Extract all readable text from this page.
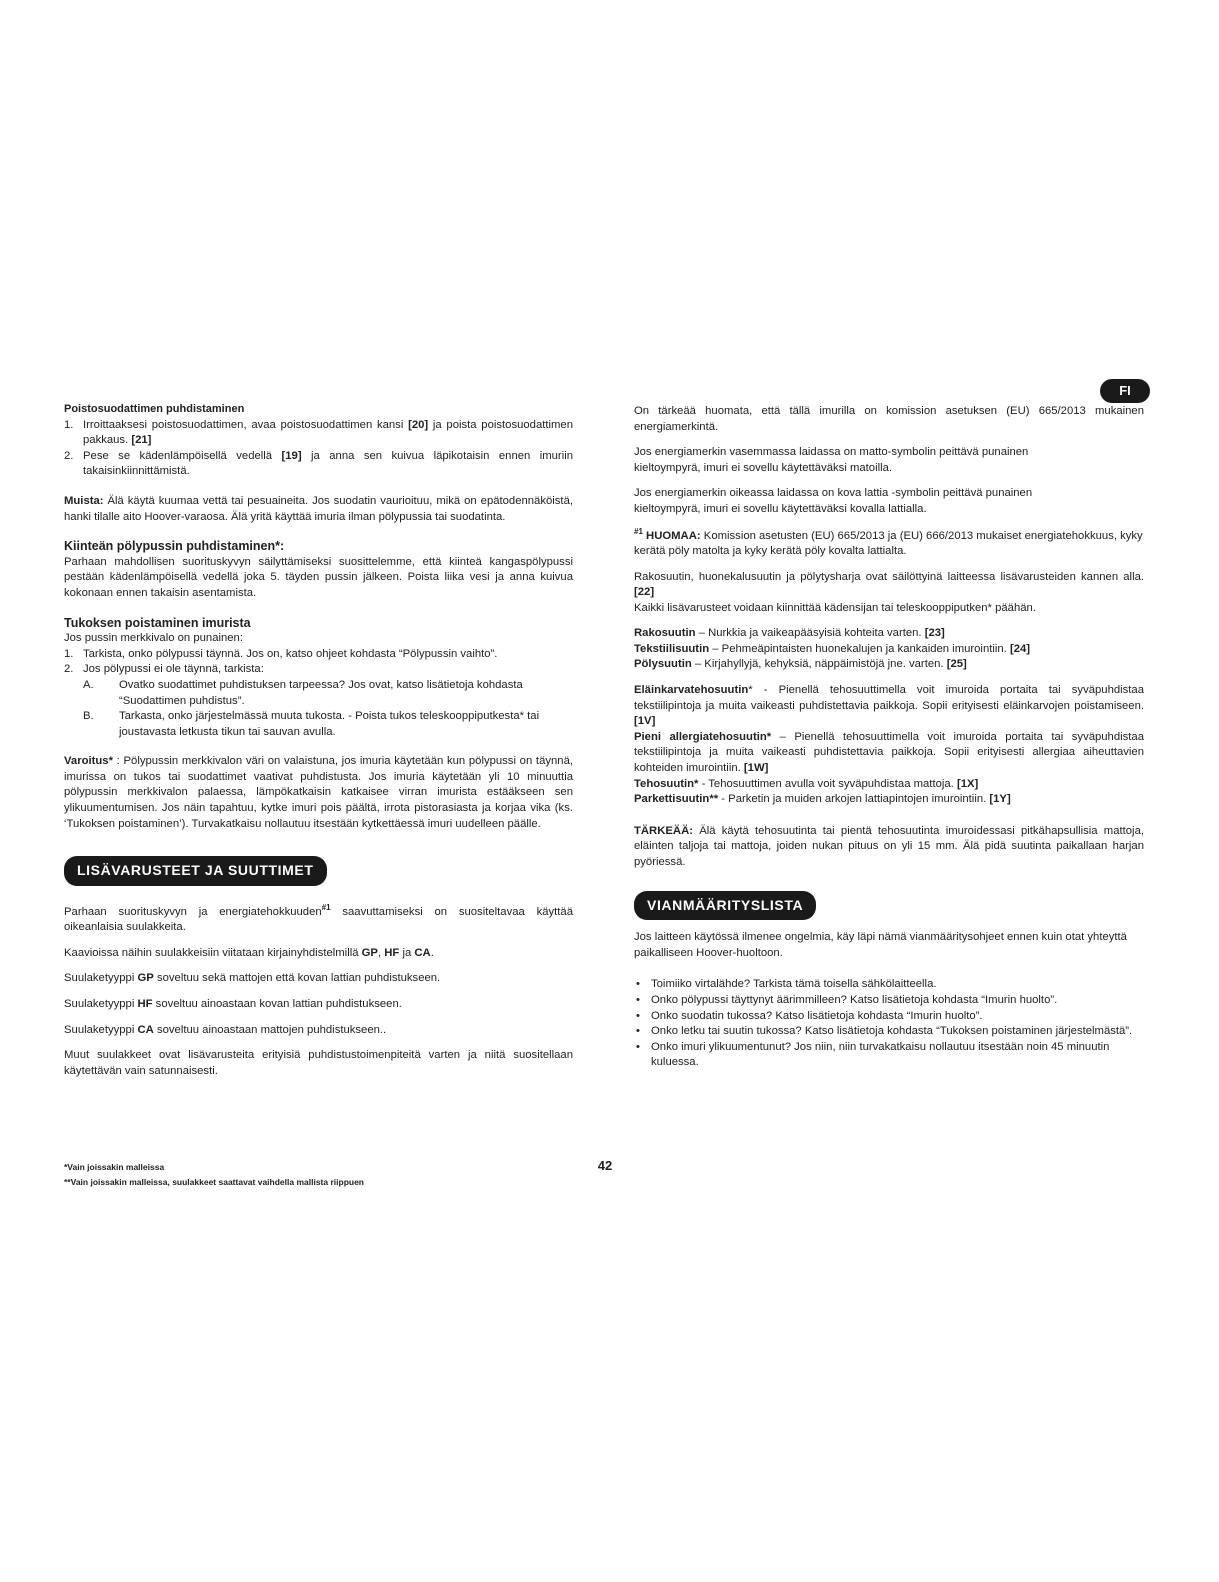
FI

Poistosuodattimen puhdistaminen

1. Irroittaaksesi poistosuodattimen, avaa poistosuodattimen kansi [20] ja poista poistosuodattimen pakkaus. [21]
2. Pese se kädenlämpöisellä vedellä [19] ja anna sen kuivua läpikotaisin ennen imuriin takaisinkiinnittämistä.

Muista: Älä käytä kuumaa vettä tai pesuaineita. Jos suodatin vaurioituu, mikä on epätodennäköistä, hanki tilalle aito Hoover-varaosa. Älä yritä käyttää imuria ilman pölypussia tai suodatinta.

Kiinteän pölypussin puhdistaminen*:

Parhaan mahdollisen suorituskyvyn säilyttämiseksi suosittelemme, että kiinteä kangaspölypussi pestään kädenlämpöisellä vedellä joka 5. täyden pussin jälkeen. Poista liika vesi ja anna kuivua kokonaan ennen takaisin asentamista.

Tukoksen poistaminen imurista

Jos pussin merkkivalo on punainen:

1. Tarkista, onko pölypussi täynnä. Jos on, katso ohjeet kohdasta “Pölypussin vaihto”.
2. Jos pölypussi ei ole täynnä, tarkista:
A. Ovatko suodattimet puhdistuksen tarpeessa? Jos ovat, katso lisätietoja kohdasta “Suodattimen puhdistus”.
B. Tarkasta, onko järjestelmässä muuta tukosta. - Poista tukos teleskooppiputkesta* tai joustavasta letkusta tikun tai sauvan avulla.

Varoitus* : Pölypussin merkkivalon väri on valaistuna, jos imuria käytetään kun pölypussi on täynnä, imurissa on tukos tai suodattimet vaativat puhdistusta. Jos imuria käytetään yli 10 minuuttia pölypussin merkkivalon palaessa, lämpökatkaisin katkaisee virran imurista estääkseen sen ylikuumentumisen. Jos näin tapahtuu, kytke imuri pois päältä, irrota pistorasiasta ja korjaa vika (ks. ‘Tukoksen poistaminen’). Turvakatkaisu nollautuu itsestään kytkettäessä imuri uudelleen päälle.

LISÄVARUSTEET JA SUUTTIMET

Parhaan suorituskyvyn ja energiatehokkuuden$^{\#1}$ saavuttamiseksi on suositeltavaa käyttää oikeanlaisia suulakkeita.

Kaavioissa näihin suulakkeisiin viitataan kirjainyhdistelmillä GP, HF ja CA.

Suulaketyyppi GP soveltuu sekä mattojen että kovan lattian puhdistukseen.

Suulaketyyppi HF soveltuu ainoastaan kovan lattian puhdistukseen.

Suulaketyyppi CA soveltuu ainoastaan mattojen puhdistukseen..

Muut suulakkeet ovat lisävarusteita erityisiä puhdistustoimenpiteitä varten ja niitä suositellaan käytettävän vain satunnaisesti.

On tärkeää huomata, että tällä imurilla on komission asetuksen (EU) 665/2013 mukainen energiamerkintä.

Jos energiamerkin vasemmassa laidassa on matto-symbolin peittävä punainen kieltoympyrä, imuri ei sovellu käytettäväksi matoilla.

Jos energiamerkin oikeassa laidassa on kova lattia -symbolin peittävä punainen kieltoympyrä, imuri ei sovellu käytettäväksi kovalla lattialla.

$^{\#1}$ HUOMAA: Komission asetusten (EU) 665/2013 ja (EU) 666/2013 mukaiset energiatehokkuus, kyky kerätä pöly matolta ja kyky kerätä pöly kovalta lattialta.

Rakosuutin, huonekalusuutin ja pölytysharja ovat säilöttyinä laitteessa lisävarusteiden kannen alla. [22]

Kaikki lisävarusteet voidaan kiinnittää kädensijan tai teleskooppiputken* päähän.

Rakosuutin – Nurkkia ja vaikeapääsyisiä kohteita varten. [23]

Tekstiilisuutin – Pehmeäpintaisten huonekalujen ja kankaiden imurointiin. [24]

Pölysuutin – Kirjahyllyjä, kehyksiä, näppäimistöjä jne. varten. [25]

Eläinkarvatehosuutin* - Pienellä tehosuuttimella voit imuroida portaita tai syväpuhdistaa tekstiilipintoja ja muita vaikeasti puhdistettavia paikkoja. Sopii erityisesti eläinkarvojen poistamiseen. [1V]

Pieni allergiatehosuutin* – Pienellä tehosuuttimella voit imuroida portaita tai syväpuhdistaa tekstiilipintoja ja muita vaikeasti puhdistettavia paikkoja. Sopii erityisesti allergiaa aiheuttavien kohteiden imurointiin. [1W]

Tehosuutin* - Tehosuuttimen avulla voit syväpuhdistaa mattoja. [1X]

Parkettisuutin** - Parketin ja muiden arkojen lattiapintojen imurointiin. [1Y]

TÄRKEÄÄ: Älä käytä tehosuutinta tai pientä tehosuutinta imuroidessasi pitkähapsullisia mattoja, eläinten taljoja tai mattoja, joiden nukan pituus on yli 15 mm. Älä pidä suutinta paikallaan harjan pyöriessä.

VIANMÄÄRITYSLISTA

Jos laitteen käytössä ilmenee ongelmia, käy läpi nämä vianmääritysohjeet ennen kuin otat yhteyttä paikalliseen Hoover-huoltoon.

• Toimiiko virtalähde? Tarkista tämä toisella sähkölaitteella.
• Onko pölypussi täyttynyt äärimmilleen? Katso lisätietoja kohdasta “Imurin huolto”.
• Onko suodatin tukossa? Katso lisätietoja kohdasta “Imurin huolto”.
• Onko letku tai suutin tukossa? Katso lisätietoja kohdasta “Tukoksen poistaminen järjestelmästä”.
• Onko imuri ylikuumentunut? Jos niin, niin turvakatkaisu nollautuu itsestään noin 45 minuutin kuluessa.
42
*Vain joissakin malleissa
**Vain joissakin malleissa, suulakkeet saattavat vaihdella mallista riippuen
